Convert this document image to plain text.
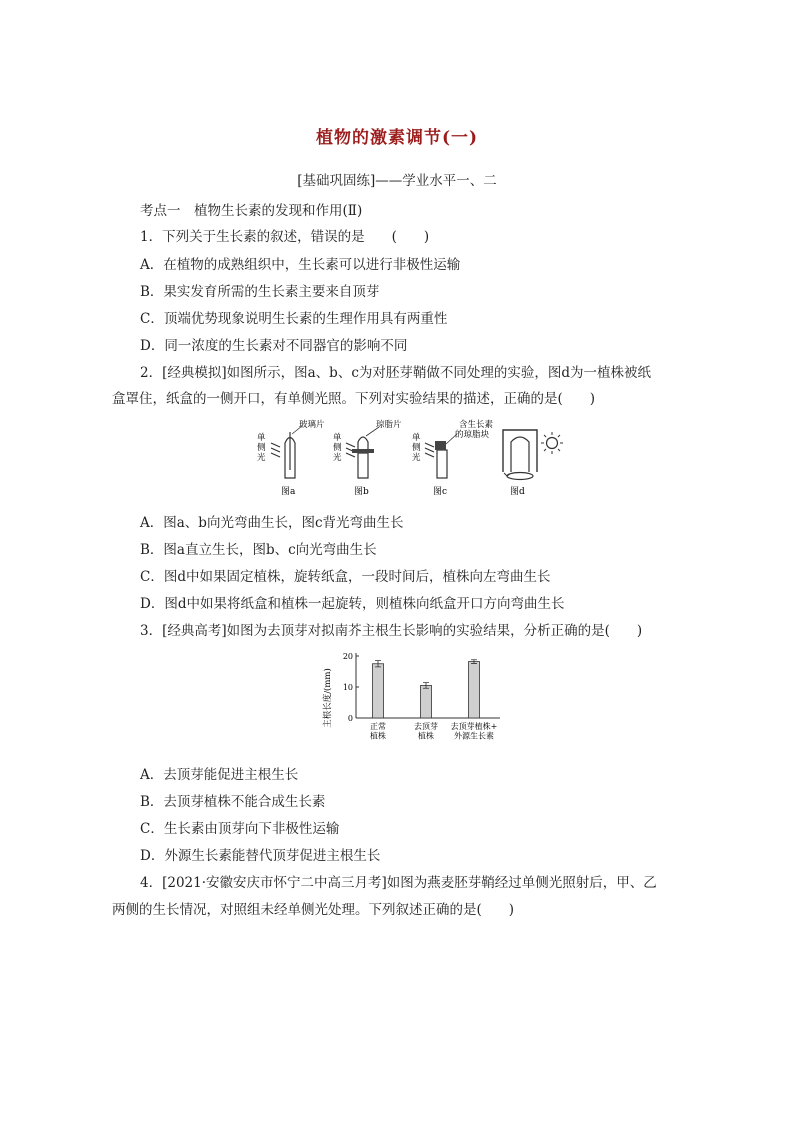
植物的激素调节(一)
[基础巩固练]——学业水平一、二
考点一　植物生长素的发现和作用(Ⅱ)
1．下列关于生长素的叙述，错误的是　　(　　)
A．在植物的成熟组织中，生长素可以进行非极性运输
B．果实发育所需的生长素主要来自顶芽
C．顶端优势现象说明生长素的生理作用具有两重性
D．同一浓度的生长素对不同器官的影响不同
2．[经典模拟]如图所示，图a、b、c为对胚芽鞘做不同处理的实验，图d为一植株被纸
盒罩住，纸盒的一侧开口，有单侧光照。下列对实验结果的描述，正确的是(　　)
单
侧
光
玻璃片
图a
单
侧
光
琼脂片
图b
单
侧
光
含生长素
的琼脂块
图c	图d
A．图a、b向光弯曲生长，图c背光弯曲生长
B．图a直立生长，图b、c向光弯曲生长
C．图d中如果固定植株，旋转纸盒，一段时间后，植株向左弯曲生长
D．图d中如果将纸盒和植株一起旋转，则植株向纸盒开口方向弯曲生长
3．[经典高考]如图为去顶芽对拟南芥主根生长影响的实验结果，分析正确的是(　　)
主根长度/(mm) 0
10
20
正常
植株
去顶芽
植株
去顶芽植株+
外源生长素
A．去顶芽能促进主根生长
B．去顶芽植株不能合成生长素
C．生长素由顶芽向下非极性运输
D．外源生长素能替代顶芽促进主根生长
4．[2021·安徽安庆市怀宁二中高三月考]如图为燕麦胚芽鞘经过单侧光照射后，甲、乙
两侧的生长情况，对照组未经单侧光处理。下列叙述正确的是(　　)
